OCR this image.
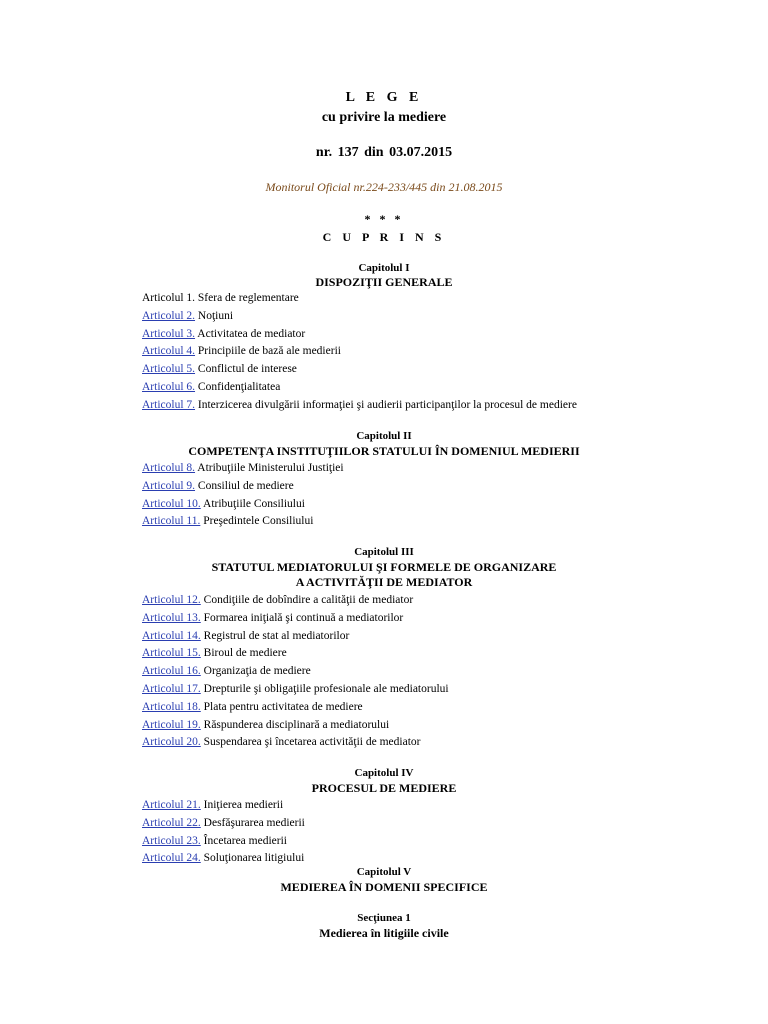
L E G E
cu privire la mediere
nr. 137 din 03.07.2015
Monitorul Oficial nr.224-233/445 din 21.08.2015
* * *
C U P R I N S
Capitolul I
DISPOZIŢII GENERALE
Articolul 1. Sfera de reglementare
Articolul 2. Noţiuni
Articolul 3. Activitatea de mediator
Articolul 4. Principiile de bază ale medierii
Articolul 5. Conflictul de interese
Articolul 6. Confidenţialitatea
Articolul 7. Interzicerea divulgării informaţiei şi audierii participanţilor la procesul de mediere
Capitolul II
COMPETENŢA INSTITUŢIILOR STATULUI ÎN DOMENIUL MEDIERII
Articolul 8. Atribuţiile Ministerului Justiţiei
Articolul 9. Consiliul de mediere
Articolul 10. Atribuţiile Consiliului
Articolul 11. Preşedintele Consiliului
Capitolul III
STATUTUL MEDIATORULUI ŞI FORMELE DE ORGANIZARE
A ACTIVITĂŢII DE MEDIATOR
Articolul 12. Condiţiile de dobîndire a calităţii de mediator
Articolul 13. Formarea iniţială şi continuă a mediatorilor
Articolul 14. Registrul de stat al mediatorilor
Articolul 15. Biroul de mediere
Articolul 16. Organizaţia de mediere
Articolul 17. Drepturile şi obligaţiile profesionale ale mediatorului
Articolul 18. Plata pentru activitatea de mediere
Articolul 19. Răspunderea disciplinară a mediatorului
Articolul 20. Suspendarea şi încetarea activităţii de mediator
Capitolul IV
PROCESUL DE MEDIERE
Articolul 21. Iniţierea medierii
Articolul 22. Desfăşurarea medierii
Articolul 23. Încetarea medierii
Articolul 24. Soluţionarea litigiului
Capitolul V
MEDIEREA ÎN DOMENII SPECIFICE
Secţiunea 1
Medierea în litigiile civile
